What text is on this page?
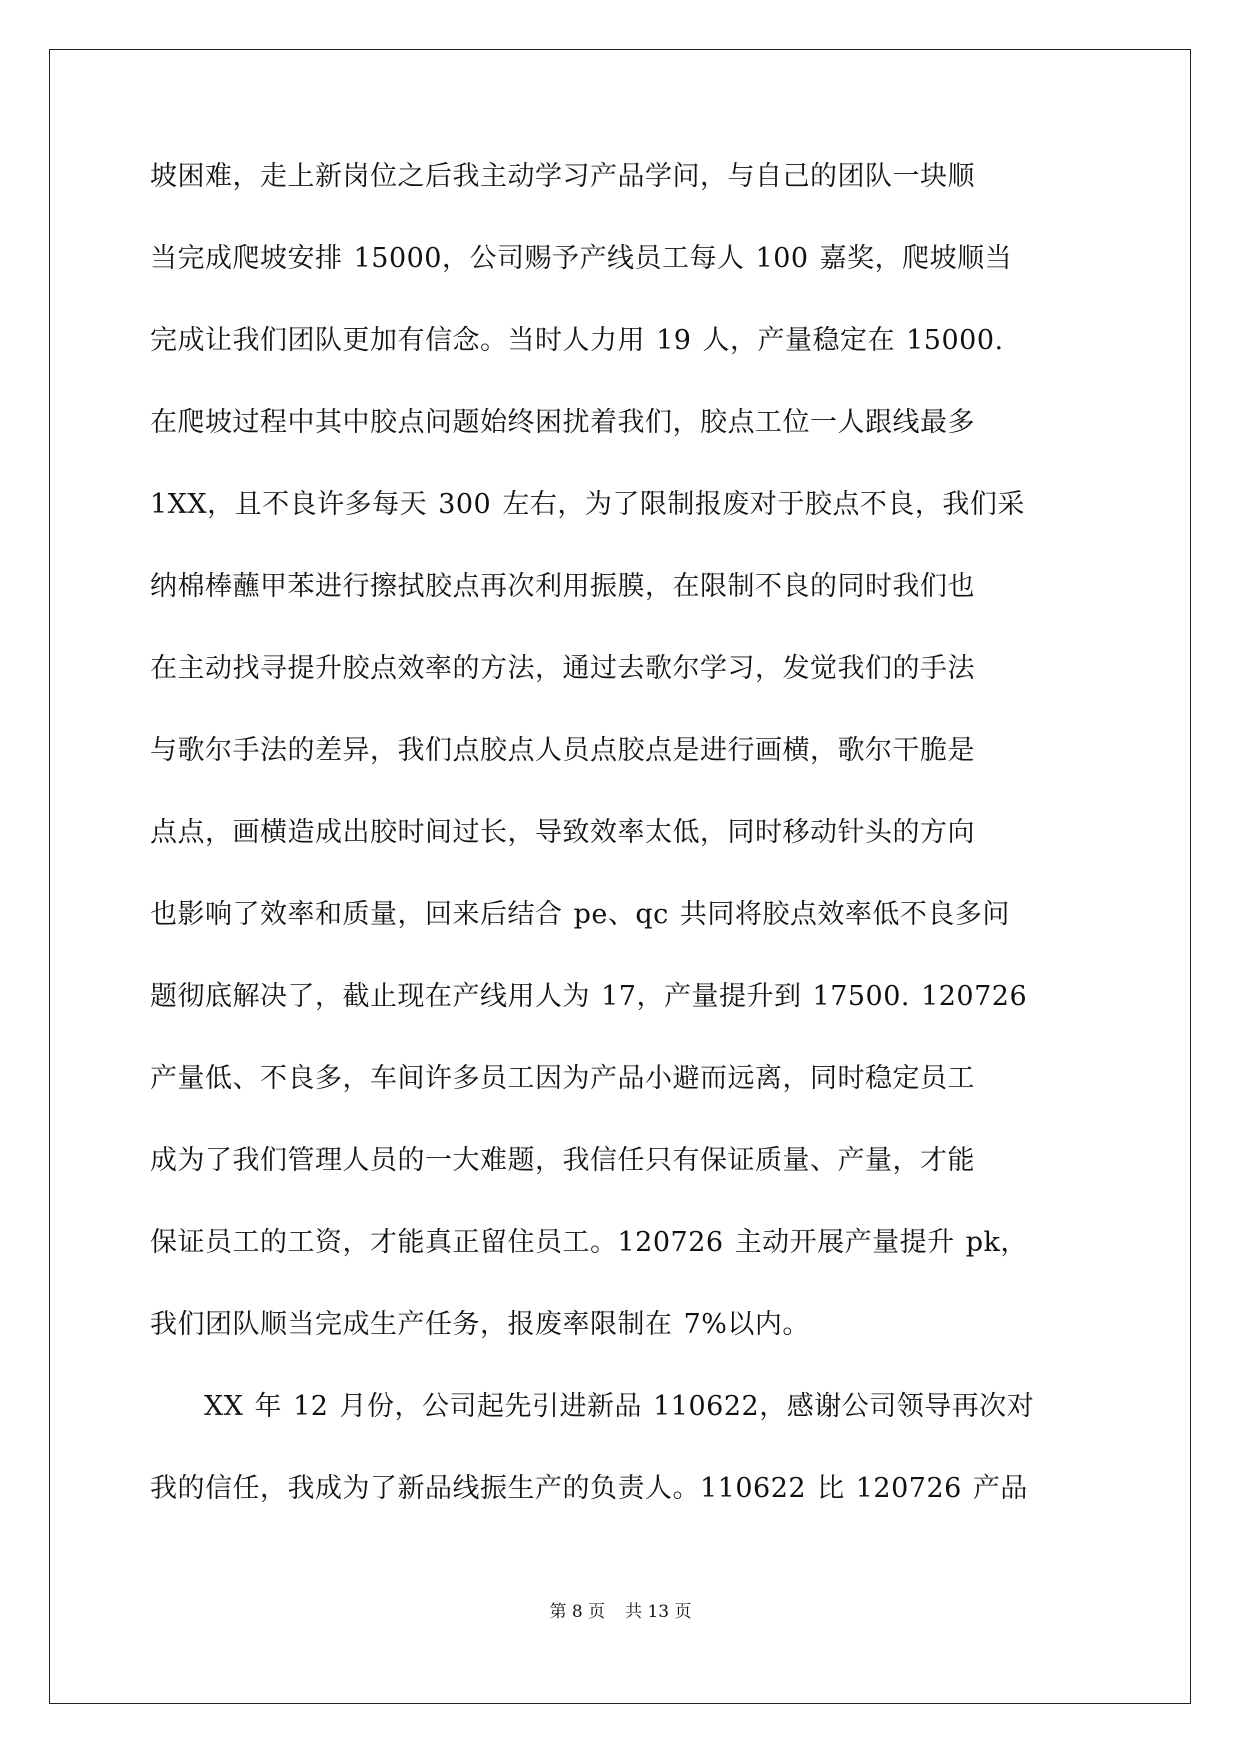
坡困难，走上新岗位之后我主动学习产品学问，与自己的团队一块顺
当完成爬坡安排 15000，公司赐予产线员工每人 100 嘉奖，爬坡顺当
完成让我们团队更加有信念。当时人力用 19 人，产量稳定在 15000.
在爬坡过程中其中胶点问题始终困扰着我们，胶点工位一人跟线最多
1XX，且不良许多每天 300 左右，为了限制报废对于胶点不良，我们采
纳棉棒蘸甲苯进行擦拭胶点再次利用振膜，在限制不良的同时我们也
在主动找寻提升胶点效率的方法，通过去歌尔学习，发觉我们的手法
与歌尔手法的差异，我们点胶点人员点胶点是进行画横，歌尔干脆是
点点，画横造成出胶时间过长，导致效率太低，同时移动针头的方向
也影响了效率和质量，回来后结合 pe、qc 共同将胶点效率低不良多问
题彻底解决了，截止现在产线用人为 17，产量提升到 17500. 120726
产量低、不良多，车间许多员工因为产品小避而远离，同时稳定员工
成为了我们管理人员的一大难题，我信任只有保证质量、产量，才能
保证员工的工资，才能真正留住员工。120726 主动开展产量提升 pk，
我们团队顺当完成生产任务，报废率限制在 7%以内。
XX 年 12 月份，公司起先引进新品 110622，感谢公司领导再次对
我的信任，我成为了新品线振生产的负责人。110622 比 120726 产品
第 8 页 共 13 页
